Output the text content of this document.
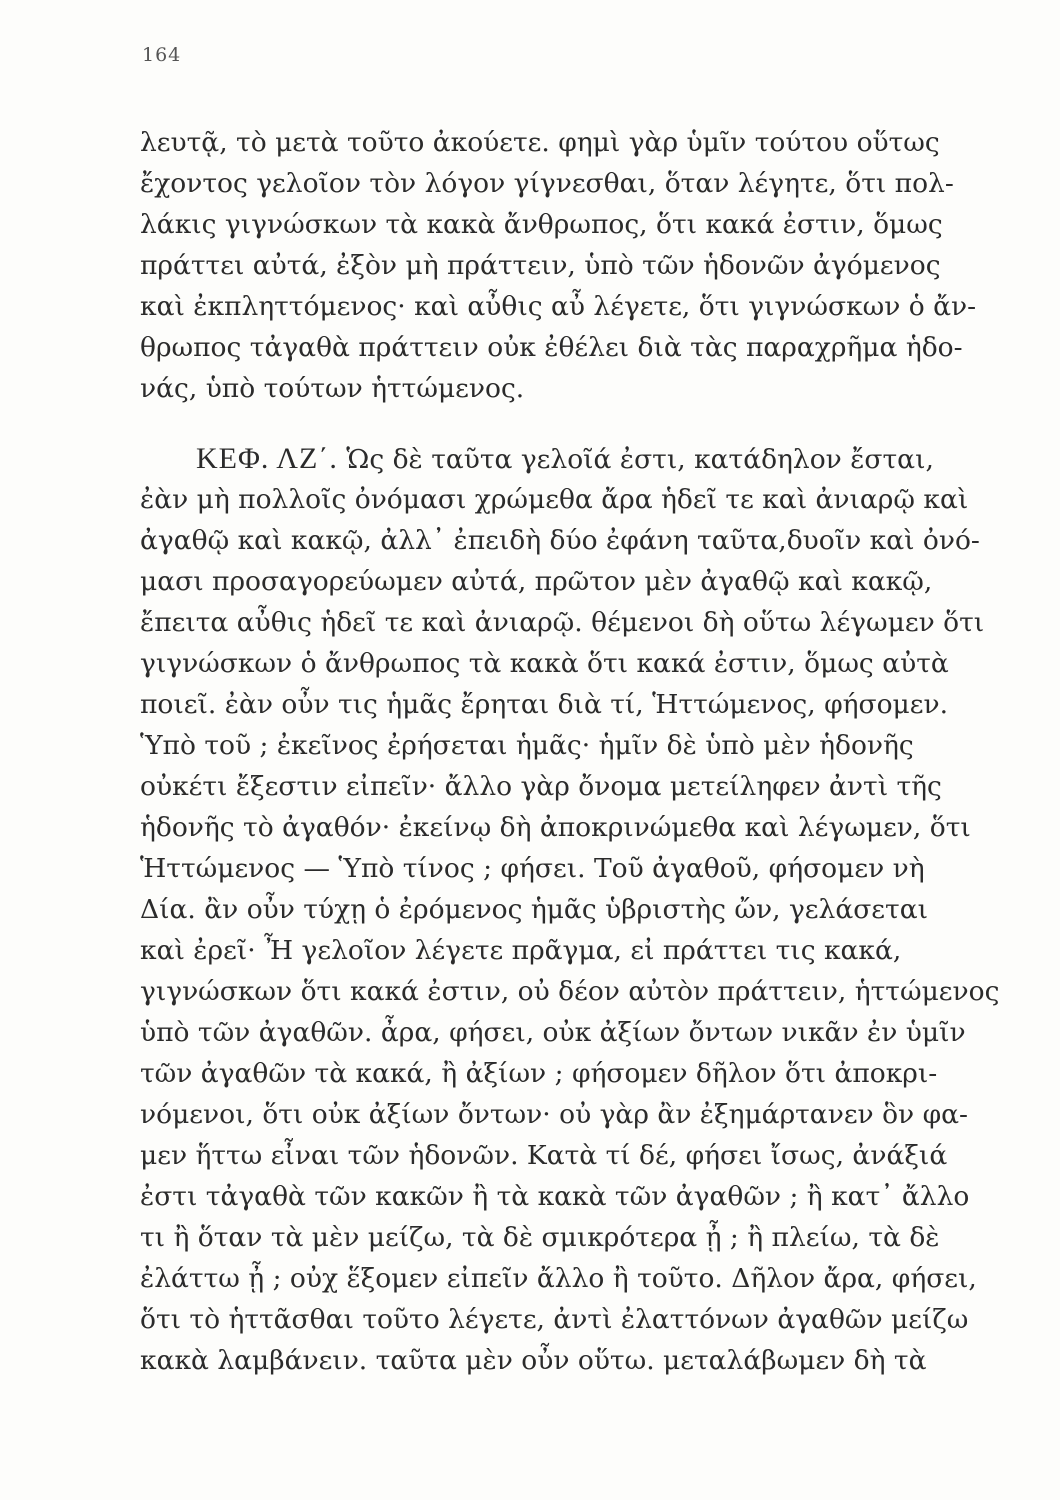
164
λευτᾷ, τὸ μετὰ τοῦτο ἀκούετε. φημὶ γὰρ ὑμῖν τούτου οὕτως
ἔχοντος γελοῖον τὸν λόγον γίγνεσθαι, ὅταν λέγητε, ὅτι πολ-
λάκις γιγνώσκων τὰ κακὰ ἄνθρωπος, ὅτι κακά ἐστιν, ὅμως
πράττει αὐτά, ἐξὸν μὴ πράττειν, ὑπὸ τῶν ἡδονῶν ἀγόμενος
καὶ ἐκπληττόμενος· καὶ αὖθις αὖ λέγετε, ὅτι γιγνώσκων ὁ ἄν-
θρωπος τἀγαθὰ πράττειν οὐκ ἐθέλει διὰ τὰς παραχρῆμα ἡδο-
νάς, ὑπὸ τούτων ἡττώμενος.
ΚΕΦ. ΛΖ΄. Ὡς δὲ ταῦτα γελοῖά ἐστι, κατάδηλον ἔσται,
ἐὰν μὴ πολλοῖς ὀνόμασι χρώμεθα ἄρα ἡδεῖ τε καὶ ἀνιαρῷ καὶ
ἀγαθῷ καὶ κακῷ, ἀλλ᾽ ἐπειδὴ δύο ἐφάνη ταῦτα,δυοῖν καὶ ὀνό-
μασι προσαγορεύωμεν αὐτά, πρῶτον μὲν ἀγαθῷ καὶ κακῷ,
ἔπειτα αὖθις ἡδεῖ τε καὶ ἀνιαρῷ. θέμενοι δὴ οὕτω λέγωμεν ὅτι
γιγνώσκων ὁ ἄνθρωπος τὰ κακὰ ὅτι κακά ἐστιν, ὅμως αὐτὰ
ποιεῖ. ἐὰν οὖν τις ἡμᾶς ἔρηται διὰ τί, Ἡττώμενος, φήσομεν.
Ὑπὸ τοῦ ; ἐκεῖνος ἐρήσεται ἡμᾶς· ἡμῖν δὲ ὑπὸ μὲν ἡδονῆς
οὐκέτι ἔξεστιν εἰπεῖν· ἄλλο γὰρ ὄνομα μετείληφεν ἀντὶ τῆς
ἡδονῆς τὸ ἀγαθόν· ἐκείνῳ δὴ ἀποκρινώμεθα καὶ λέγωμεν, ὅτι
Ἡττώμενος — Ὑπὸ τίνος ; φήσει. Τοῦ ἀγαθοῦ, φήσομεν νὴ
Δία. ἂν οὖν τύχῃ ὁ ἐρόμενος ἡμᾶς ὑβριστὴς ὤν, γελάσεται
καὶ ἐρεῖ· Ἦ γελοῖον λέγετε πρᾶγμα, εἰ πράττει τις κακά,
γιγνώσκων ὅτι κακά ἐστιν, οὐ δέον αὐτὸν πράττειν, ἡττώμενος
ὑπὸ τῶν ἀγαθῶν. ἆρα, φήσει, οὐκ ἀξίων ὄντων νικᾶν ἐν ὑμῖν
τῶν ἀγαθῶν τὰ κακά, ἢ ἀξίων ; φήσομεν δῆλον ὅτι ἀποκρι-
νόμενοι, ὅτι οὐκ ἀξίων ὄντων· οὐ γὰρ ἂν ἐξημάρτανεν ὃν φα-
μεν ἥττω εἶναι τῶν ἡδονῶν. Κατὰ τί δέ, φήσει ἴσως, ἀνάξιά
ἐστι τἀγαθὰ τῶν κακῶν ἢ τὰ κακὰ τῶν ἀγαθῶν ; ἢ κατ᾽ ἄλλο
τι ἢ ὅταν τὰ μὲν μείζω, τὰ δὲ σμικρότερα ᾖ ; ἢ πλείω, τὰ δὲ
ἐλάττω ᾖ ; οὐχ ἕξομεν εἰπεῖν ἄλλο ἢ τοῦτο. Δῆλον ἄρα, φήσει,
ὅτι τὸ ἡττᾶσθαι τοῦτο λέγετε, ἀντὶ ἐλαττόνων ἀγαθῶν μείζω
κακὰ λαμβάνειν. ταῦτα μὲν οὖν οὕτω. μεταλάβωμεν δὴ τὰ
